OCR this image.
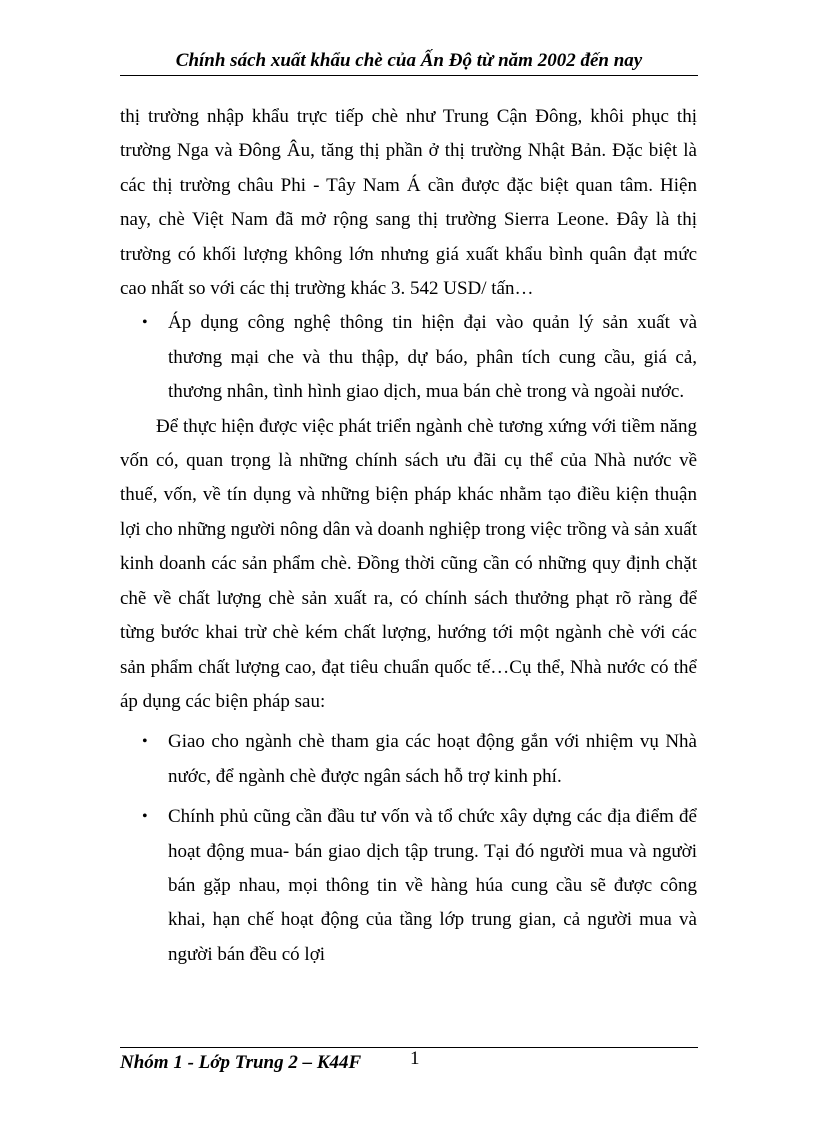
Chính sách xuất khẩu chè của Ấn Độ từ năm 2002 đến nay

thị trường nhập khẩu trực tiếp chè như Trung Cận Đông, khôi phục thị trường Nga và Đông Âu, tăng thị phần ở thị trường Nhật Bản. Đặc biệt là các thị trường châu Phi - Tây Nam Á cần được đặc biệt quan tâm. Hiện nay, chè Việt Nam đã mở rộng sang thị trường Sierra Leone. Đây là thị trường có khối lượng không lớn nhưng giá xuất khẩu bình quân đạt mức cao nhất so với các thị trường khác 3. 542 USD/ tấn…

• Áp dụng công nghệ thông tin hiện đại vào quản lý sản xuất và thương mại che và thu thập, dự báo, phân tích cung cầu, giá cả, thương nhân, tình hình giao dịch, mua bán chè trong và ngoài nước.

Để thực hiện được việc phát triển ngành chè tương xứng với tiềm năng vốn có, quan trọng là những chính sách ưu đãi cụ thể của Nhà nước về thuế, vốn, về tín dụng và những biện pháp khác nhằm tạo điều kiện thuận lợi cho những người nông dân và doanh nghiệp trong việc trồng và sản xuất kinh doanh các sản phẩm chè. Đồng thời cũng cần có những quy định chặt chẽ về chất lượng chè sản xuất ra, có chính sách thưởng phạt rõ ràng để từng bước khai trừ chè kém chất lượng, hướng tới một ngành chè với các sản phẩm chất lượng cao, đạt tiêu chuẩn quốc tế…Cụ thể, Nhà nước có thể áp dụng các biện pháp sau:

• Giao cho ngành chè tham gia các hoạt động gắn với nhiệm vụ Nhà nước, để ngành chè được ngân sách hỗ trợ kinh phí.
• Chính phủ cũng cần đầu tư vốn và tổ chức xây dựng các địa điểm để hoạt động mua- bán giao dịch tập trung. Tại đó người mua và người bán gặp nhau, mọi thông tin về hàng húa cung cầu sẽ được công khai, hạn chế hoạt động của tầng lớp trung gian, cả người mua và người bán đều có lợi
Nhóm 1 - Lớp Trung 2 – K44F	1
